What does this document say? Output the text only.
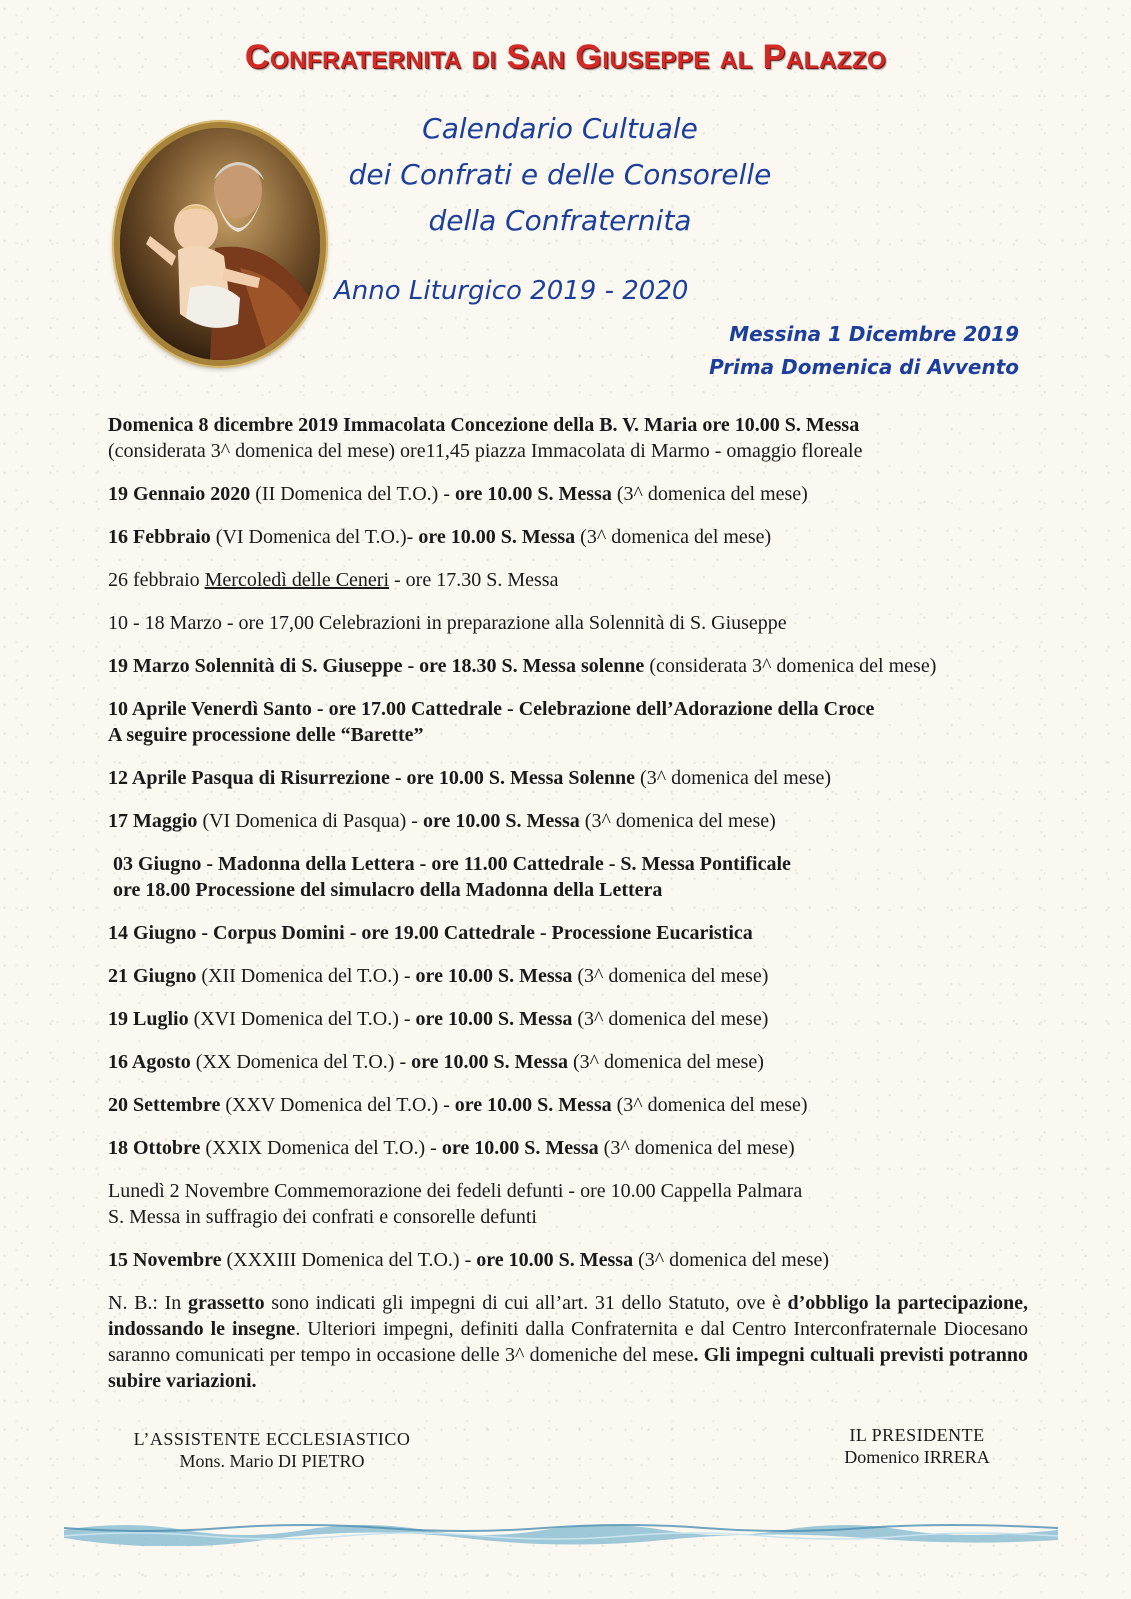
Confraternita di San Giuseppe al Palazzo
Calendario Cultuale
dei Confrati e delle Consorelle
della Confraternita
Anno Liturgico 2019 - 2020
Messina 1 Dicembre 2019
Prima Domenica di Avvento
Domenica 8 dicembre 2019 Immacolata Concezione della B. V. Maria ore 10.00 S. Messa
(considerata 3^ domenica del mese) ore11,45 piazza Immacolata di Marmo - omaggio floreale
19 Gennaio 2020 (II Domenica del T.O.) - ore 10.00 S. Messa (3^ domenica del mese)
16 Febbraio (VI Domenica del T.O.)- ore 10.00 S. Messa (3^ domenica del mese)
26 febbraio Mercoledì delle Ceneri - ore 17.30 S. Messa
10 - 18 Marzo - ore 17,00 Celebrazioni in preparazione alla Solennità di S. Giuseppe
19 Marzo Solennità di S. Giuseppe - ore 18.30 S. Messa solenne (considerata 3^ domenica del mese)
10 Aprile Venerdì Santo - ore 17.00 Cattedrale - Celebrazione dell’Adorazione della Croce
A seguire processione delle “Barette”
12 Aprile Pasqua di Risurrezione - ore 10.00 S. Messa Solenne (3^ domenica del mese)
17 Maggio (VI Domenica di Pasqua) - ore 10.00 S. Messa (3^ domenica del mese)
03 Giugno - Madonna della Lettera - ore 11.00 Cattedrale - S. Messa Pontificale
ore 18.00 Processione del simulacro della Madonna della Lettera
14 Giugno - Corpus Domini - ore 19.00 Cattedrale - Processione Eucaristica
21 Giugno (XII Domenica del T.O.) - ore 10.00 S. Messa (3^ domenica del mese)
19 Luglio (XVI Domenica del T.O.) - ore 10.00 S. Messa (3^ domenica del mese)
16 Agosto (XX Domenica del T.O.) - ore 10.00 S. Messa (3^ domenica del mese)
20 Settembre (XXV Domenica del T.O.) - ore 10.00 S. Messa (3^ domenica del mese)
18 Ottobre (XXIX Domenica del T.O.) - ore 10.00 S. Messa (3^ domenica del mese)
Lunedì 2 Novembre Commemorazione dei fedeli defunti - ore 10.00 Cappella Palmara
S. Messa in suffragio dei confrati e consorelle defunti
15 Novembre (XXXIII Domenica del T.O.) - ore 10.00 S. Messa (3^ domenica del mese)
N. B.: In grassetto sono indicati gli impegni di cui all’art. 31 dello Statuto, ove è d’obbligo la partecipazione, indossando le insegne. Ulteriori impegni, definiti dalla Confraternita e dal Centro Interconfraternale Diocesano saranno comunicati per tempo in occasione delle 3^ domeniche del mese. Gli impegni cultuali previsti potranno subire variazioni.
L’ASSISTENTE ECCLESIASTICO
Mons. Mario DI PIETRO
IL PRESIDENTE
Domenico IRRERA
